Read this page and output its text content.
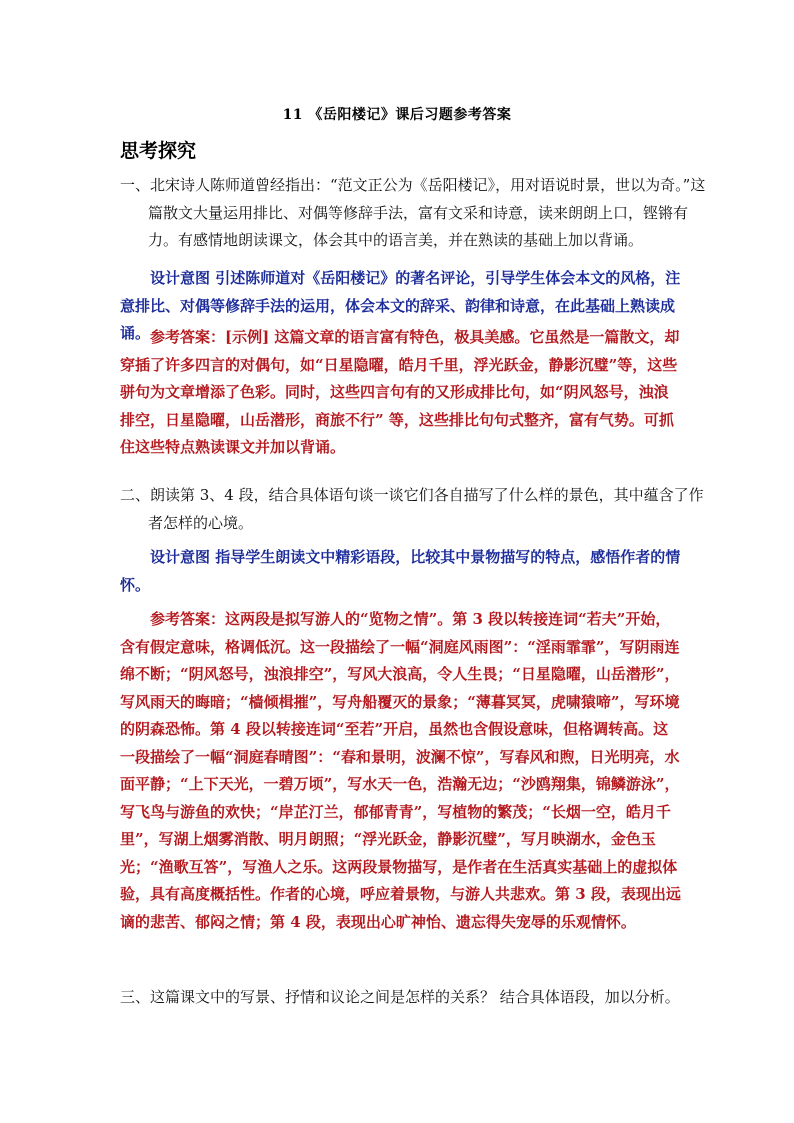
11 《岳阳楼记》课后习题参考答案
思考探究
一、北宋诗人陈师道曾经指出：“范文正公为《岳阳楼记》，用对语说时景，世以为奇。”这篇散文大量运用排比、对偶等修辞手法，富有文采和诗意，读来朗朗上口，铿锵有力。有感情地朗读课文，体会其中的语言美，并在熟读的基础上加以背诵。
设计意图 引述陈师道对《岳阳楼记》的著名评论，引导学生体会本文的风格，注意排比、对偶等修辞手法的运用，体会本文的辞采、韵律和诗意，在此基础上熟读成诵。 参考答案：[示例] 这篇文章的语言富有特色，极具美感。它虽然是一篇散文，却穿插了许多四言的对偶句，如“日星隐曜，皓月千里，浮光跃金，静影沉璧”等，这些骈句为文章增添了色彩。同时，这些四言句有的又形成排比句，如“阴风怒号，浊浪排空，日星隐曜，山岳潜形，商旅不行” 等，这些排比句句式整齐，富有气势。可抓住这些特点熟读课文并加以背诵。
二、朗读第 3、4 段，结合具体语句谈一谈它们各自描写了什么样的景色，其中蕴含了作者怎样的心境。
设计意图 指导学生朗读文中精彩语段，比较其中景物描写的特点，感悟作者的情怀。
参考答案：这两段是拟写游人的“览物之情”。第 3 段以转接连词“若夫”开始，含有假定意味，格调低沉。这一段描绘了一幅“洞庭风雨图”：“淫雨霏霏”，写阴雨连绵不断；“阴风怒号，浊浪排空”，写风大浪高，令人生畏；“日星隐曜，山岳潜形”，写风雨天的晦暗；“樯倾楫摧”，写舟船覆灭的景象；“薄暮冥冥，虎啸猿啼”，写环境的阴森恐怖。第 4 段以转接连词“至若”开启，虽然也含假设意味，但格调转高。这一段描绘了一幅“洞庭春晴图”：“春和景明，波澜不惊”，写春风和煦，日光明亮，水面平静；“上下天光，一碧万顷”，写水天一色，浩瀚无边；“沙鸥翔集，锦鳞游泳”，写飞鸟与游鱼的欢快；“岸芷汀兰，郁郁青青”，写植物的繁茂；“长烟一空，皓月千里”，写湖上烟雾消散、明月朗照；“浮光跃金，静影沉璧”，写月映湖水，金色玉光；“渔歌互答”，写渔人之乐。这两段景物描写，是作者在生活真实基础上的虚拟体验，具有高度概括性。作者的心境，呼应着景物，与游人共悲欢。第 3 段，表现出远谪的悲苦、郁闷之情；第 4 段，表现出心旷神怡、遗忘得失宠辱的乐观情怀。
三、这篇课文中的写景、抒情和议论之间是怎样的关系？ 结合具体语段，加以分析。
